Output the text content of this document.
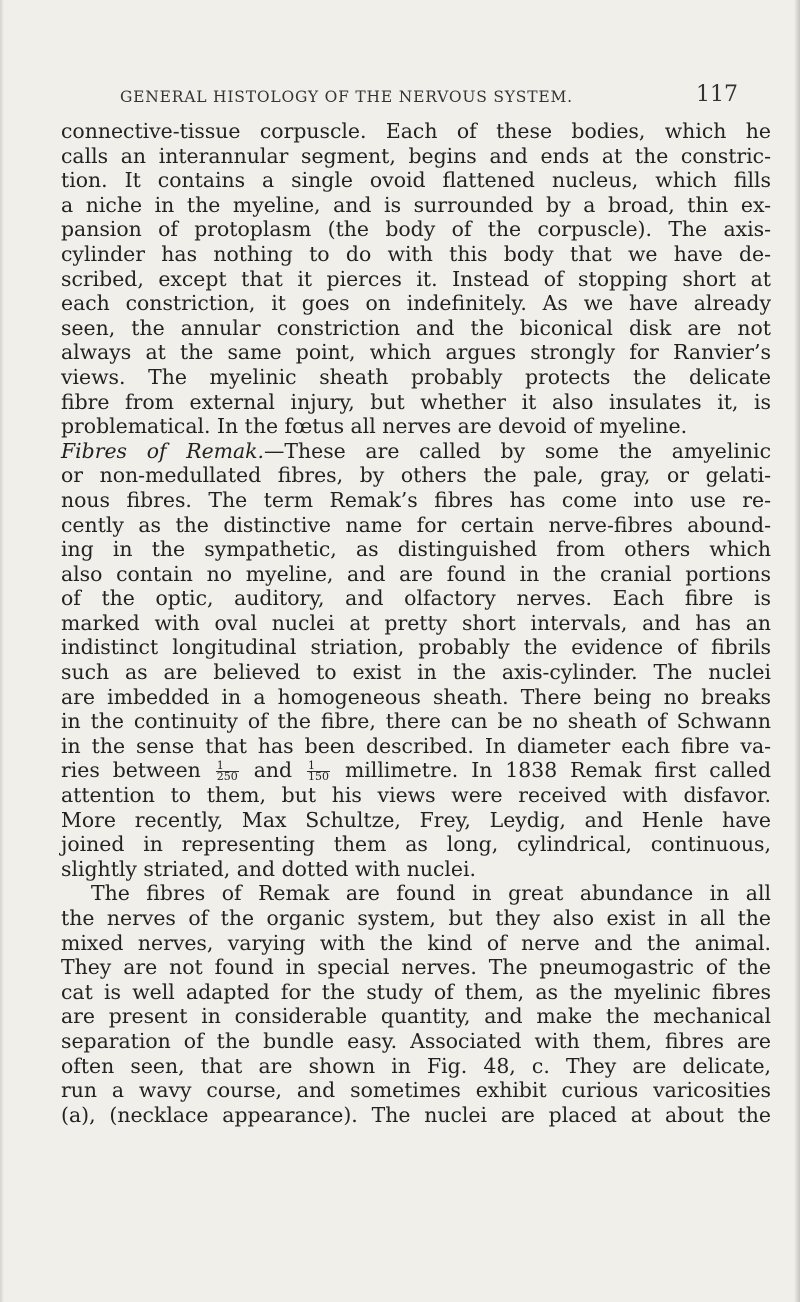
GENERAL HISTOLOGY OF THE NERVOUS SYSTEM.	117
connective-tissue corpuscle. Each of these bodies, which he
calls an interannular segment, begins and ends at the constric-
tion. It contains a single ovoid flattened nucleus, which fills
a niche in the myeline, and is surrounded by a broad, thin ex-
pansion of protoplasm (the body of the corpuscle). The axis-
cylinder has nothing to do with this body that we have de-
scribed, except that it pierces it. Instead of stopping short at
each constriction, it goes on indefinitely. As we have already
seen, the annular constriction and the biconical disk are not
always at the same point, which argues strongly for Ranvier’s
views. The myelinic sheath probably protects the delicate
fibre from external injury, but whether it also insulates it, is
problematical. In the fœtus all nerves are devoid of myeline.
Fibres of Remak.—These are called by some the amyelinic
or non-medullated fibres, by others the pale, gray, or gelati-
nous fibres. The term Remak’s fibres has come into use re-
cently as the distinctive name for certain nerve-fibres abound-
ing in the sympathetic, as distinguished from others which
also contain no myeline, and are found in the cranial portions
of the optic, auditory, and olfactory nerves. Each fibre is
marked with oval nuclei at pretty short intervals, and has an
indistinct longitudinal striation, probably the evidence of fibrils
such as are believed to exist in the axis-cylinder. The nuclei
are imbedded in a homogeneous sheath. There being no breaks
in the continuity of the fibre, there can be no sheath of Schwann
in the sense that has been described. In diameter each fibre va-
ries between $\frac{1}{250}$ and $\frac{1}{150}$ millimetre. In 1838 Remak first called
attention to them, but his views were received with disfavor.
More recently, Max Schultze, Frey, Leydig, and Henle have
joined in representing them as long, cylindrical, continuous,
slightly striated, and dotted with nuclei.
The fibres of Remak are found in great abundance in all
the nerves of the organic system, but they also exist in all the
mixed nerves, varying with the kind of nerve and the animal.
They are not found in special nerves. The pneumogastric of the
cat is well adapted for the study of them, as the myelinic fibres
are present in considerable quantity, and make the mechanical
separation of the bundle easy. Associated with them, fibres are
often seen, that are shown in Fig. 48, c. They are delicate,
run a wavy course, and sometimes exhibit curious varicosities
(a), (necklace appearance). The nuclei are placed at about the
